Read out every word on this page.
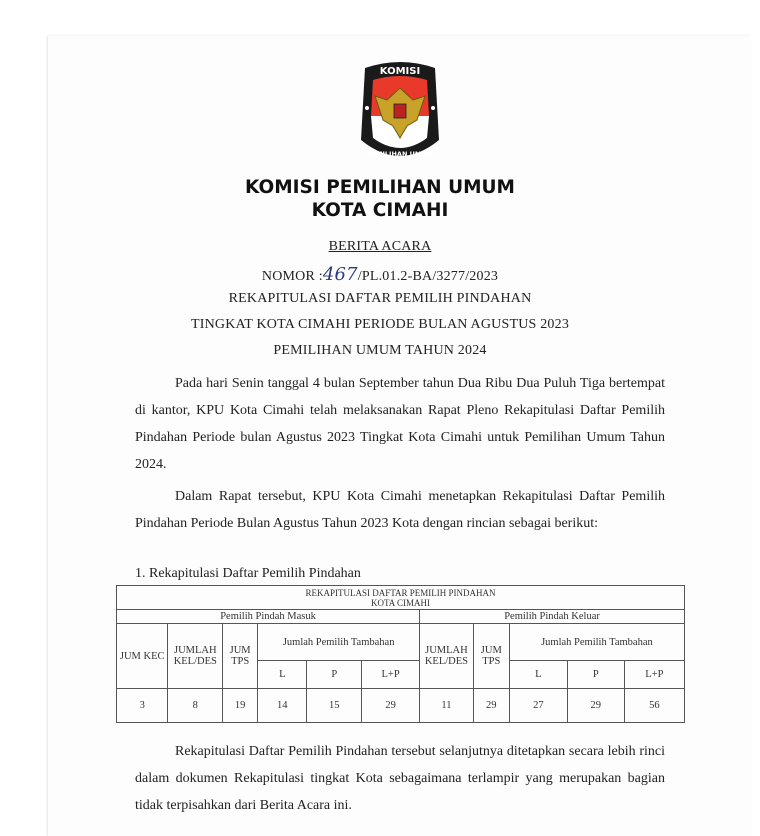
KOMISI
PEMILIHAN UMUM
KOMISI PEMILIHAN UMUM
KOTA CIMAHI
BERITA ACARA
NOMOR :467/PL.01.2-BA/3277/2023
REKAPITULASI DAFTAR PEMILIH PINDAHAN
TINGKAT KOTA CIMAHI PERIODE BULAN AGUSTUS 2023
PEMILIHAN UMUM TAHUN 2024
Pada hari Senin tanggal 4 bulan September tahun Dua Ribu Dua Puluh Tiga bertempat di kantor, KPU Kota Cimahi telah melaksanakan Rapat Pleno Rekapitulasi Daftar Pemilih Pindahan Periode bulan Agustus 2023 Tingkat Kota Cimahi untuk Pemilihan Umum Tahun 2024.
Dalam Rapat tersebut, KPU Kota Cimahi menetapkan Rekapitulasi Daftar Pemilih Pindahan Periode Bulan Agustus Tahun 2023 Kota dengan rincian sebagai berikut:
1. Rekapitulasi Daftar Pemilih Pindahan
REKAPITULASI DAFTAR PEMILIH PINDAHAN
KOTA CIMAHI										

Pemilih Pindah Masuk						Pemilih Pindah Keluar				
JUM KEC	JUMLAH KEL/DES	JUM TPS	Jumlah Pemilih Tambahan			JUMLAH KEL/DES	JUM TPS	Jumlah Pemilih Tambahan		
			L	P	L+P			L	P	L+P
3	8	19	14	15	29	11	29	27	29	56
Rekapitulasi Daftar Pemilih Pindahan tersebut selanjutnya ditetapkan secara lebih rinci dalam dokumen Rekapitulasi tingkat Kota sebagaimana terlampir yang merupakan bagian tidak terpisahkan dari Berita Acara ini.
